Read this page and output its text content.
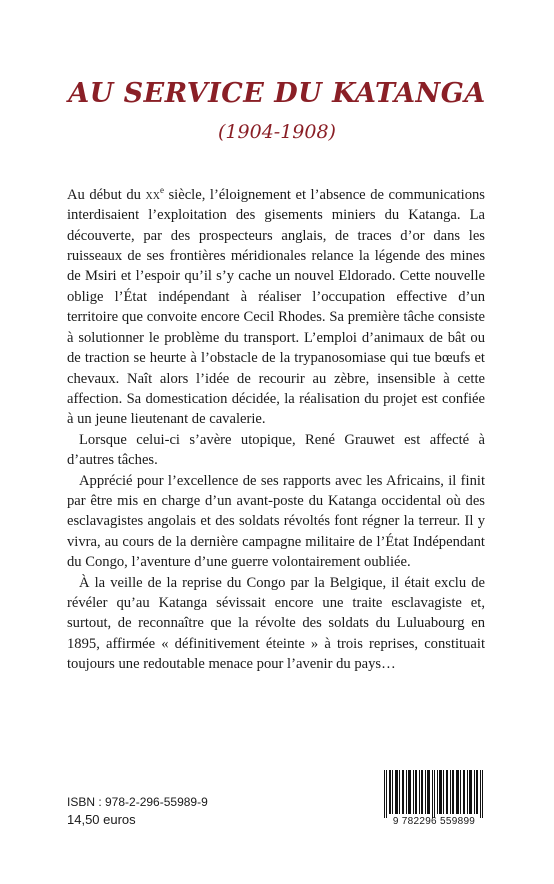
AU SERVICE DU KATANGA
(1904-1908)

Au début du $xx^e$ siècle, l’éloignement et l’absence de communications interdisaient l’exploitation des gisements miniers du Katanga. La découverte, par des prospecteurs anglais, de traces d’or dans les ruisseaux de ses frontières méridionales relance la légende des mines de Msiri et l’espoir qu’il s’y cache un nouvel Eldorado. Cette nouvelle oblige l’État indépendant à réaliser l’occupation effective d’un territoire que convoite encore Cecil Rhodes. Sa première tâche consiste à solutionner le problème du transport. L’emploi d’animaux de bât ou de traction se heurte à l’obstacle de la trypanosomiase qui tue bœufs et chevaux. Naît alors l’idée de recourir au zèbre, insensible à cette affection. Sa domestication décidée, la réalisation du projet est confiée à un jeune lieutenant de cavalerie.

Lorsque celui-ci s’avère utopique, René Grauwet est affecté à d’autres tâches.

Apprécié pour l’excellence de ses rapports avec les Africains, il finit par être mis en charge d’un avant-poste du Katanga occidental où des esclavagistes angolais et des soldats révoltés font régner la terreur. Il y vivra, au cours de la dernière campagne militaire de l’État Indépendant du Congo, l’aventure d’une guerre volontairement oubliée.

À la veille de la reprise du Congo par la Belgique, il était exclu de révéler qu’au Katanga sévissait encore une traite esclavagiste et, surtout, de reconnaître que la révolte des soldats du Luluabourg en 1895, affirmée « définitivement éteinte » à trois reprises, constituait toujours une redoutable menace pour l’avenir du pays…

ISBN : 978-2-296-55989-9
14,50 euros	9 782296 559899
